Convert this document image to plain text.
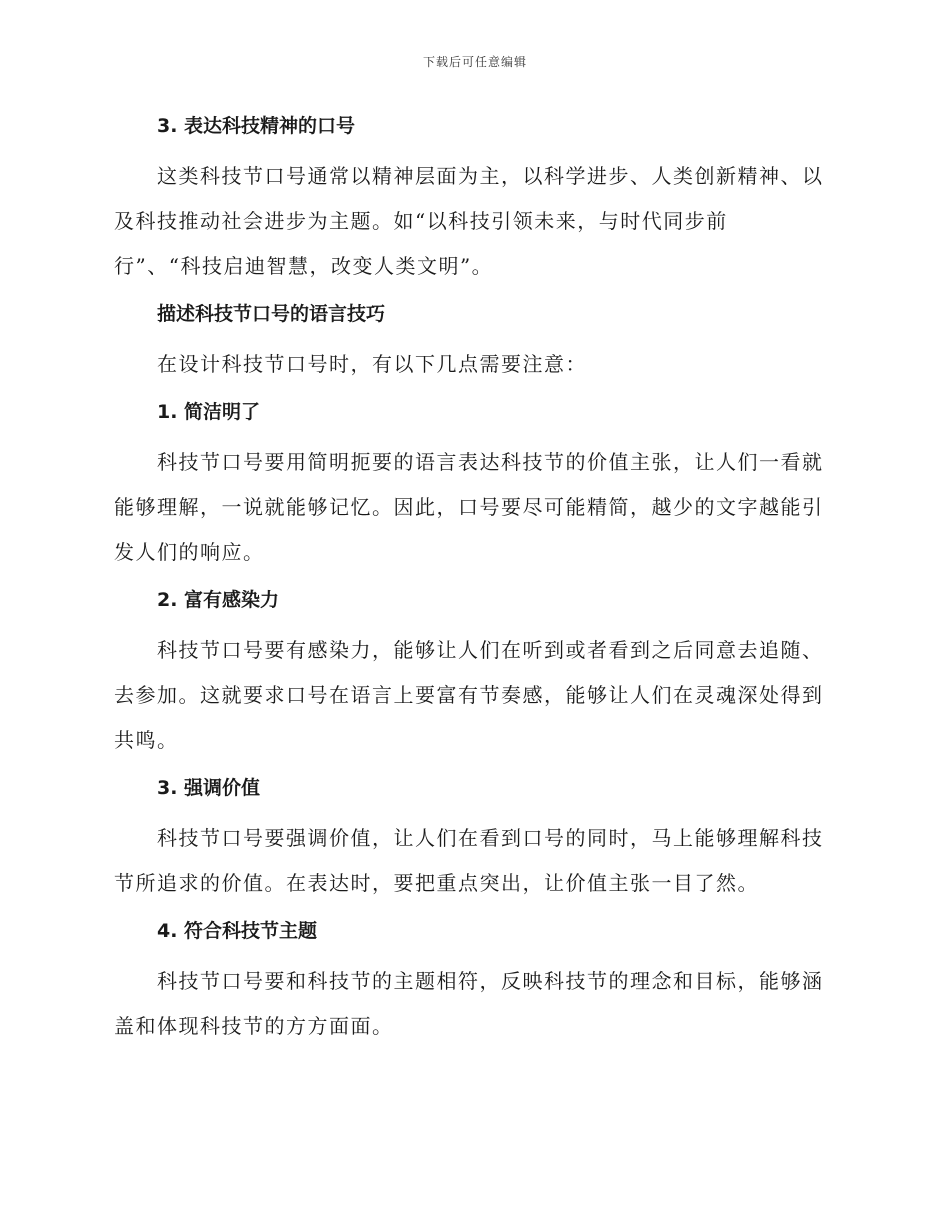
下载后可任意编辑
3. 表达科技精神的口号
这类科技节口号通常以精神层面为主，以科学进步、人类创新精神、以
及科技推动社会进步为主题。如“以科技引领未来，与时代同步前
行”、“科技启迪智慧，改变人类文明”。
描述科技节口号的语言技巧
在设计科技节口号时，有以下几点需要注意：
1. 简洁明了
科技节口号要用简明扼要的语言表达科技节的价值主张，让人们一看就
能够理解，一说就能够记忆。因此，口号要尽可能精简，越少的文字越能引
发人们的响应。
2. 富有感染力
科技节口号要有感染力，能够让人们在听到或者看到之后同意去追随、
去参加。这就要求口号在语言上要富有节奏感，能够让人们在灵魂深处得到
共鸣。
3. 强调价值
科技节口号要强调价值，让人们在看到口号的同时，马上能够理解科技
节所追求的价值。在表达时，要把重点突出，让价值主张一目了然。
4. 符合科技节主题
科技节口号要和科技节的主题相符，反映科技节的理念和目标，能够涵
盖和体现科技节的方方面面。
